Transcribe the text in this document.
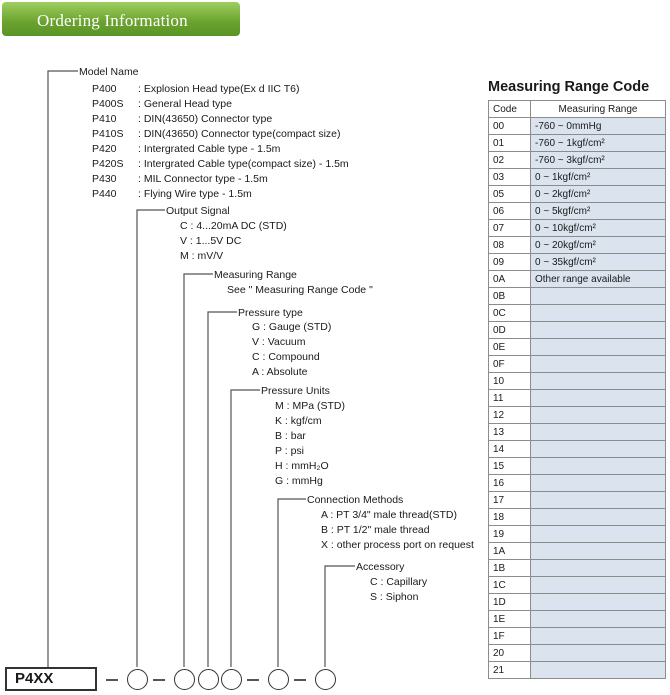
Ordering Information
Model Name
P400	: Explosion Head type(Ex d IIC T6)
P400S	: General Head type
P410	: DIN(43650) Connector type
P410S	: DIN(43650) Connector type(compact size)
P420	: Intergrated Cable type - 1.5m
P420S	: Intergrated Cable type(compact size) - 1.5m
P430	: MIL Connector type - 1.5m
P440	: Flying Wire type - 1.5m
Output Signal
C : 4...20mA DC (STD)
V : 1...5V DC
M : mV/V
Measuring Range
See " Measuring Range Code "
Pressure type
G : Gauge (STD)
V : Vacuum
C : Compound
A : Absolute
Pressure Units
M : MPa (STD)
K : kgf/cm
B : bar
P : psi
H : mmH₂O
G : mmHg
Connection Methods
A : PT 3/4" male thread(STD)
B : PT 1/2" male thread
X : other process port on request
Accessory
C : Capillary
S : Siphon
P4XX
Measuring Range Code
Code	Measuring Range
00	-760 ~ 0mmHg
01	-760 ~ 1kgf/cm²
02	-760 ~ 3kgf/cm²
03	0 ~ 1kgf/cm²
05	0 ~ 2kgf/cm²
06	0 ~ 5kgf/cm²
07	0 ~ 10kgf/cm²
08	0 ~ 20kgf/cm²
09	0 ~ 35kgf/cm²
0A	Other range available
0B	
0C	
0D	
0E	
0F	
10	
11	
12	
13	
14	
15	
16	
17	
18	
19	
1A	
1B	
1C	
1D	
1E	
1F	
20	
21	
